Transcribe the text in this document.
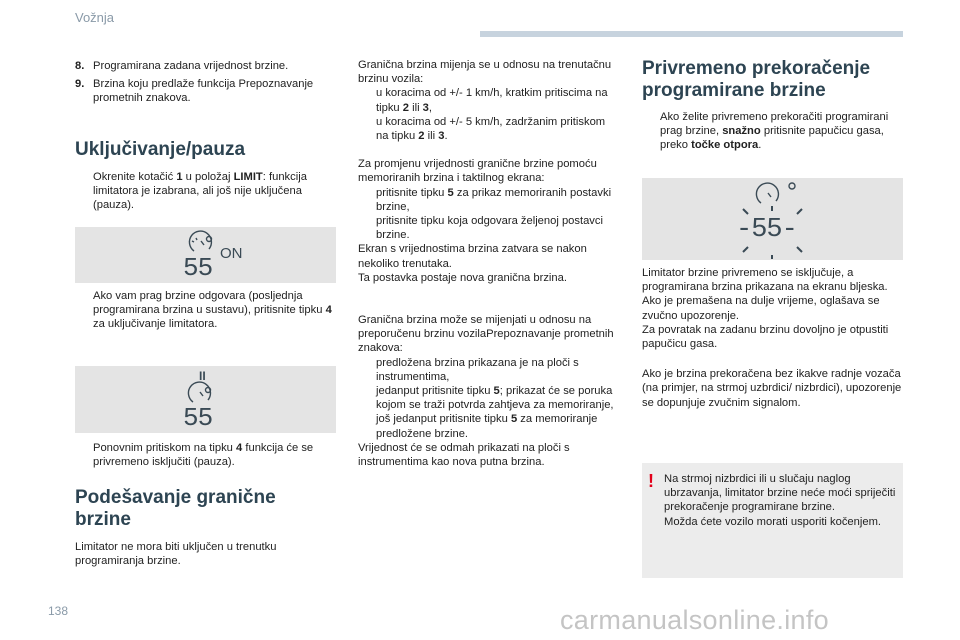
Vožnja
8. Programirana zadana vrijednost brzine.
9. Brzina koju predlaže funkcija Prepoznavanje prometnih znakova.
Uključivanje/pauza
Okrenite kotačić 1 u položaj LIMIT: funkcija limitatora je izabrana, ali još nije uključena (pauza).
ON
55
Ako vam prag brzine odgovara (posljednja programirana brzina u sustavu), pritisnite tipku 4 za uključivanje limitatora.
II
55
Ponovnim pritiskom na tipku 4 funkcija će se privremeno isključiti (pauza).
Podešavanje granične brzine
Limitator ne mora biti uključen u trenutku programiranja brzine.
Granična brzina mijenja se u odnosu na trenutačnu brzinu vozila:
u koracima od +/- 1 km/h, kratkim pritiscima na tipku 2 ili 3,
u koracima od +/- 5 km/h, zadržanim pritiskom na tipku 2 ili 3.
Za promjenu vrijednosti granične brzine pomoću memoriranih brzina i taktilnog ekrana:
pritisnite tipku 5 za prikaz memoriranih postavki brzine,
pritisnite tipku koja odgovara željenoj postavci brzine.
Ekran s vrijednostima brzina zatvara se nakon nekoliko trenutaka.
Ta postavka postaje nova granična brzina.
Granična brzina može se mijenjati u odnosu na preporučenu brzinu vozilaPrepoznavanje prometnih znakova:
predložena brzina prikazana je na ploči s instrumentima,
jedanput pritisnite tipku 5; prikazat će se poruka kojom se traži potvrda zahtjeva za memoriranje,
još jedanput pritisnite tipku 5 za memoriranje predložene brzine.
Vrijednost će se odmah prikazati na ploči s instrumentima kao nova putna brzina.
Privremeno prekoračenje programirane brzine
Ako želite privremeno prekoračiti programirani prag brzine, snažno pritisnite papučicu gasa, preko točke otpora.
-55-
Limitator brzine privremeno se isključuje, a programirana brzina prikazana na ekranu bljeska.
Ako je premašena na dulje vrijeme, oglašava se zvučno upozorenje.
Za povratak na zadanu brzinu dovoljno je otpustiti papučicu gasa.
Ako je brzina prekoračena bez ikakve radnje vozača (na primjer, na strmoj uzbrdici/ nizbrdici), upozorenje se dopunjuje zvučnim signalom.
! Na strmoj nizbrdici ili u slučaju naglog ubrzavanja, limitator brzine neće moći spriječiti prekoračenje programirane brzine.
Možda ćete vozilo morati usporiti kočenjem.
138	carmanualsonline.info
